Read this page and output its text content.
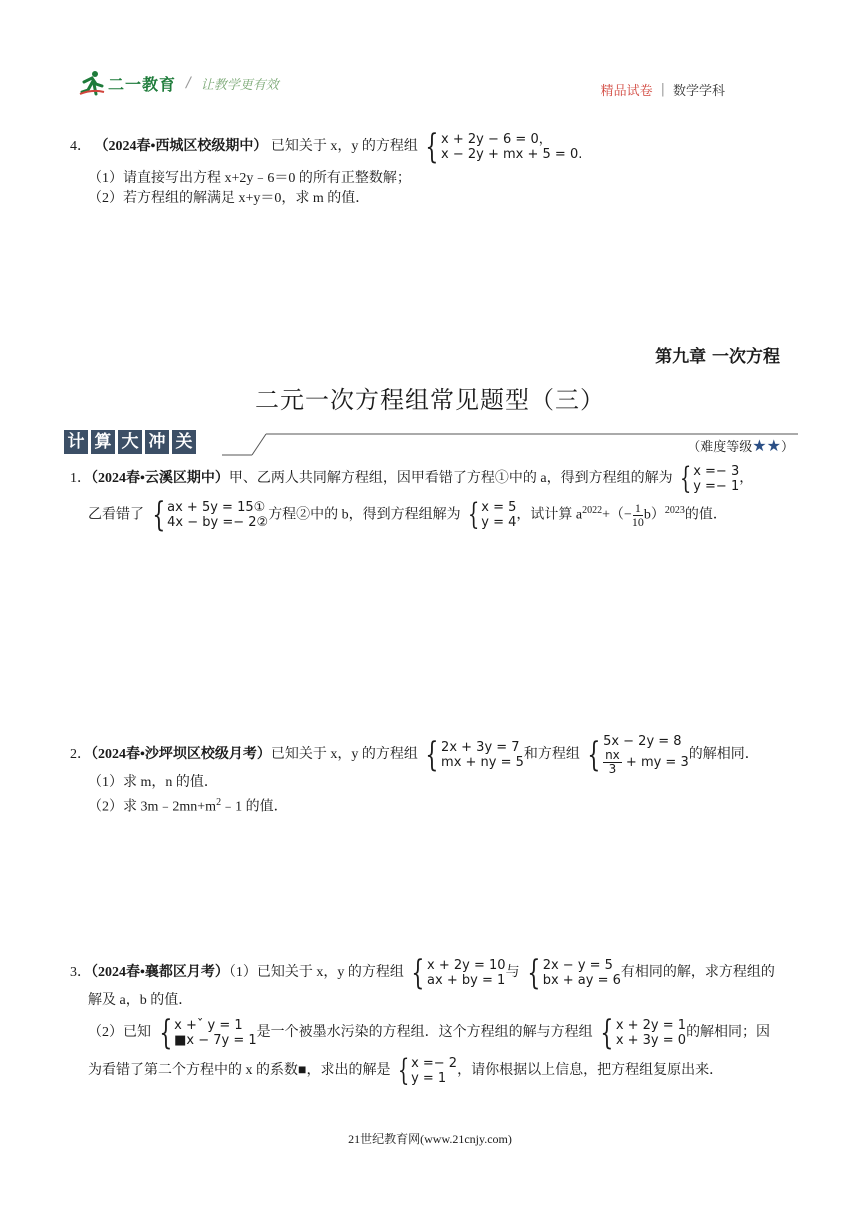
二一教育 / 让教学更有效	精品试卷 | 数学学科
4． （2024春•西城区校级期中） 已知关于 x，y 的方程组 { x + 2y − 6 = 0，
x − 2y + mx + 5 = 0.
（1）请直接写出方程 x+2y﹣6＝0 的所有正整数解；
（2）若方程组的解满足 x+y＝0，求 m 的值．
第九章 一次方程
二元一次方程组常见题型（三）
计 算 大 冲 关	（难度等级★★）
1．（2024春•云溪区期中）甲、乙两人共同解方程组，因甲看错了方程①中的 a，得到方程组的解为 { x =− 3
y =− 1
，
乙看错了 { ax + 5y = 15①
4x − by =− 2②
方程②中的 b，得到方程组解为 { x = 5
y = 4
，试计算 $a^{2022}+(- \frac{1}{10} b)^{2023}$的值．
2．（2024春•沙坪坝区校级月考）已知关于 x，y 的方程组 { 2x + 3y = 7
mx + ny = 5
和方程组 { 5x − 2y = 8
$\frac{nx}{3}$ + my = 3
的解相同．
（1）求 m，n 的值．
（2）求 $3m﹣2mn+m^2﹣1$ 的值．
3．（2024春•襄都区月考）（1）已知关于 x，y 的方程组 { x + 2y = 10
ax + by = 1
与 { 2x − y = 5
bx + ay = 6
有相同的解，求方程组的
解及 a，b 的值．
（2）已知 { x +ˇ y = 1
■x − 7y = 1
是一个被墨水污染的方程组．这个方程组的解与方程组 { x + 2y = 1
x + 3y = 0
的解相同；因
为看错了第二个方程中的 x 的系数■，求出的解是 { x =− 2
y = 1
，请你根据以上信息，把方程组复原出来．
21世纪教育网(www.21cnjy.com)
